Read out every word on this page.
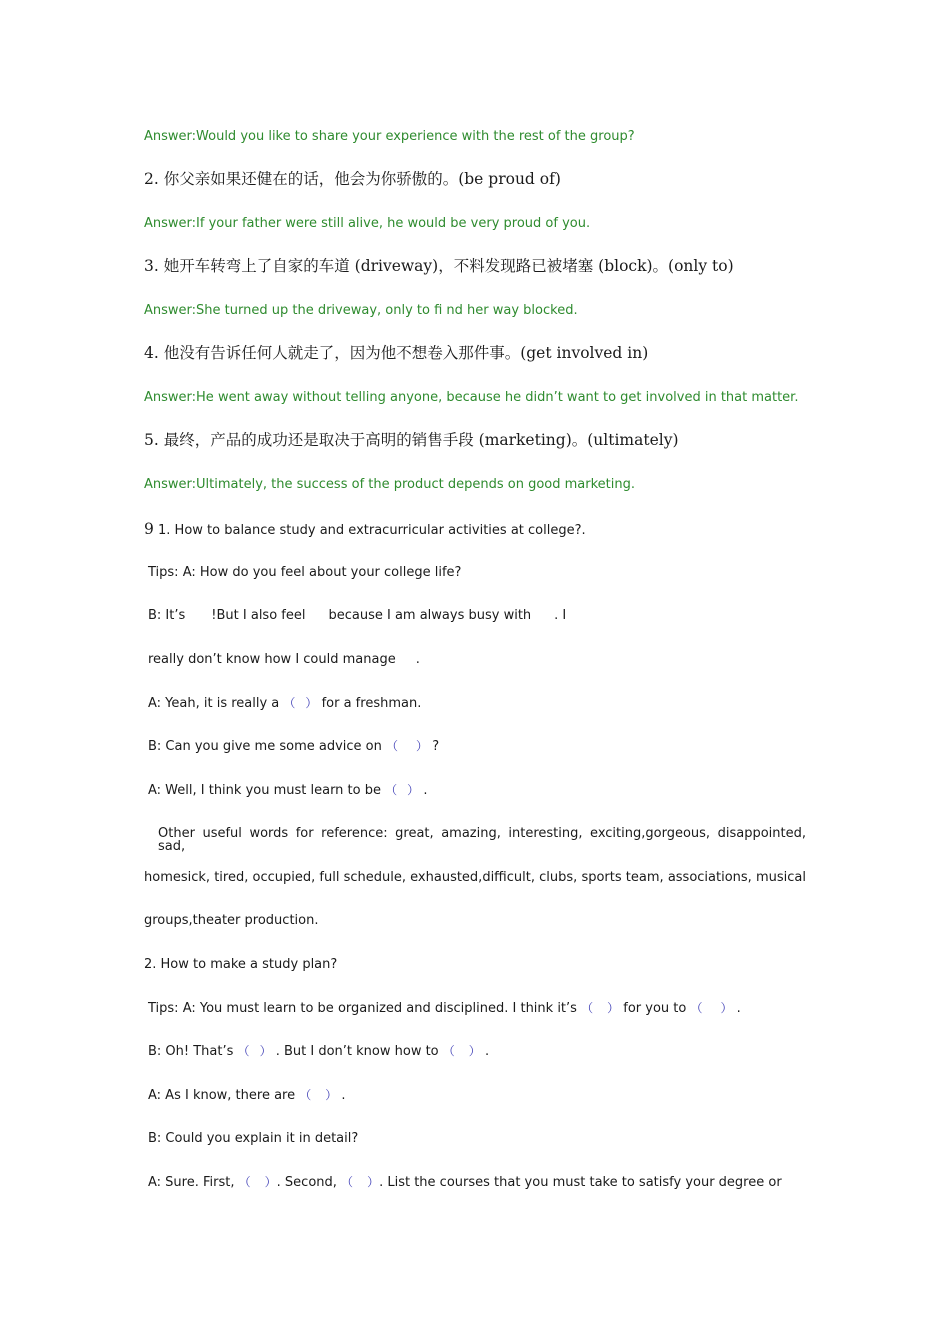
Answer:Would you like to share your experience with the rest of the group?
2. 你父亲如果还健在的话，他会为你骄傲的。(be proud of)
Answer:If your father were still alive, he would be very proud of you.
3. 她开车转弯上了自家的车道 (driveway)，不料发现路已被堵塞 (block)。(only to)
Answer:She turned up the driveway, only to fi nd her way blocked.
4. 他没有告诉任何人就走了，因为他不想卷入那件事。(get involved in)
Answer:He went away without telling anyone, because he didn’t want to get involved in that matter.
5. 最终，产品的成功还是取决于高明的销售手段 (marketing)。(ultimately)
Answer:Ultimately, the success of the product depends on good marketing.
9 1. How to balance study and extracurricular activities at college?.
Tips: A: How do you feel about your college life?
B: It’s !But I also feel because I am always busy with . I
really don’t know how I could manage .
A: Yeah, it is really a （ ） for a freshman.
B: Can you give me some advice on （ ） ?
A: Well, I think you must learn to be （ ） .
Other useful words for reference: great, amazing, interesting, exciting,gorgeous, disappointed, sad,
homesick, tired, occupied, full schedule, exhausted,difficult, clubs, sports team, associations, musical
groups,theater production.
2. How to make a study plan?
Tips: A: You must learn to be organized and disciplined. I think it’s （ ） for you to （ ） .
B: Oh! That’s （ ） . But I don’t know how to （ ） .
A: As I know, there are （ ） .
B: Could you explain it in detail?
A: Sure. First, （ ）. Second, （ ）. List the courses that you must take to satisfy your degree or
